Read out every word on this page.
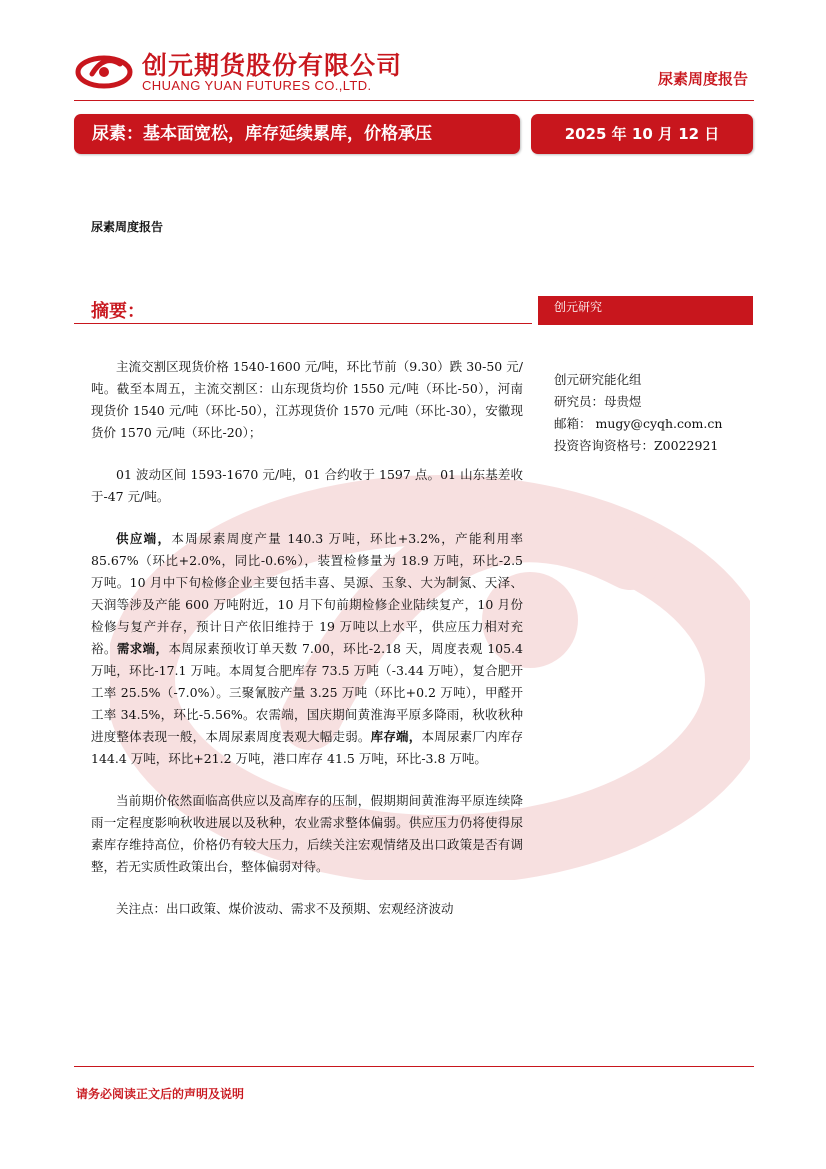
创元期货股份有限公司
CHUANG YUAN FUTURES CO.,LTD.	尿素周度报告
尿素：基本面宽松，库存延续累库，价格承压	2025 年 10 月 12 日
尿素周度报告
摘要：	创元研究
创元研究能化组
研究员：母贵煜
邮箱： mugy@cyqh.com.cn
投资咨询资格号：Z0022921

主流交割区现货价格 1540-1600 元/吨，环比节前（9.30）跌 30-50 元/吨。截至本周五，主流交割区：山东现货均价 1550 元/吨（环比-50），河南现货价 1540 元/吨（环比-50），江苏现货价 1570 元/吨（环比-30），安徽现货价 1570 元/吨（环比-20）；

01 波动区间 1593-1670 元/吨，01 合约收于 1597 点。01 山东基差收于-47 元/吨。

供应端，本周尿素周度产量 140.3 万吨，环比+3.2%，产能利用率 85.67%（环比+2.0%，同比-0.6%），装置检修量为 18.9 万吨，环比-2.5 万吨。10 月中下旬检修企业主要包括丰喜、昊源、玉象、大为制氮、天泽、天润等涉及产能 600 万吨附近，10 月下旬前期检修企业陆续复产，10 月份检修与复产并存，预计日产依旧维持于 19 万吨以上水平，供应压力相对充裕。需求端，本周尿素预收订单天数 7.00，环比-2.18 天，周度表观 105.4 万吨，环比-17.1 万吨。本周复合肥库存 73.5 万吨（-3.44 万吨），复合肥开工率 25.5%（-7.0%）。三聚氰胺产量 3.25 万吨（环比+0.2 万吨），甲醛开工率 34.5%，环比-5.56%。农需端，国庆期间黄淮海平原多降雨，秋收秋种进度整体表现一般，本周尿素周度表观大幅走弱。库存端，本周尿素厂内库存 144.4 万吨，环比+21.2 万吨，港口库存 41.5 万吨，环比-3.8 万吨。

当前期价依然面临高供应以及高库存的压制，假期期间黄淮海平原连续降雨一定程度影响秋收进展以及秋种，农业需求整体偏弱。供应压力仍将使得尿素库存维持高位，价格仍有较大压力，后续关注宏观情绪及出口政策是否有调整，若无实质性政策出台，整体偏弱对待。

关注点：出口政策、煤价波动、需求不及预期、宏观经济波动

请务必阅读正文后的声明及说明
